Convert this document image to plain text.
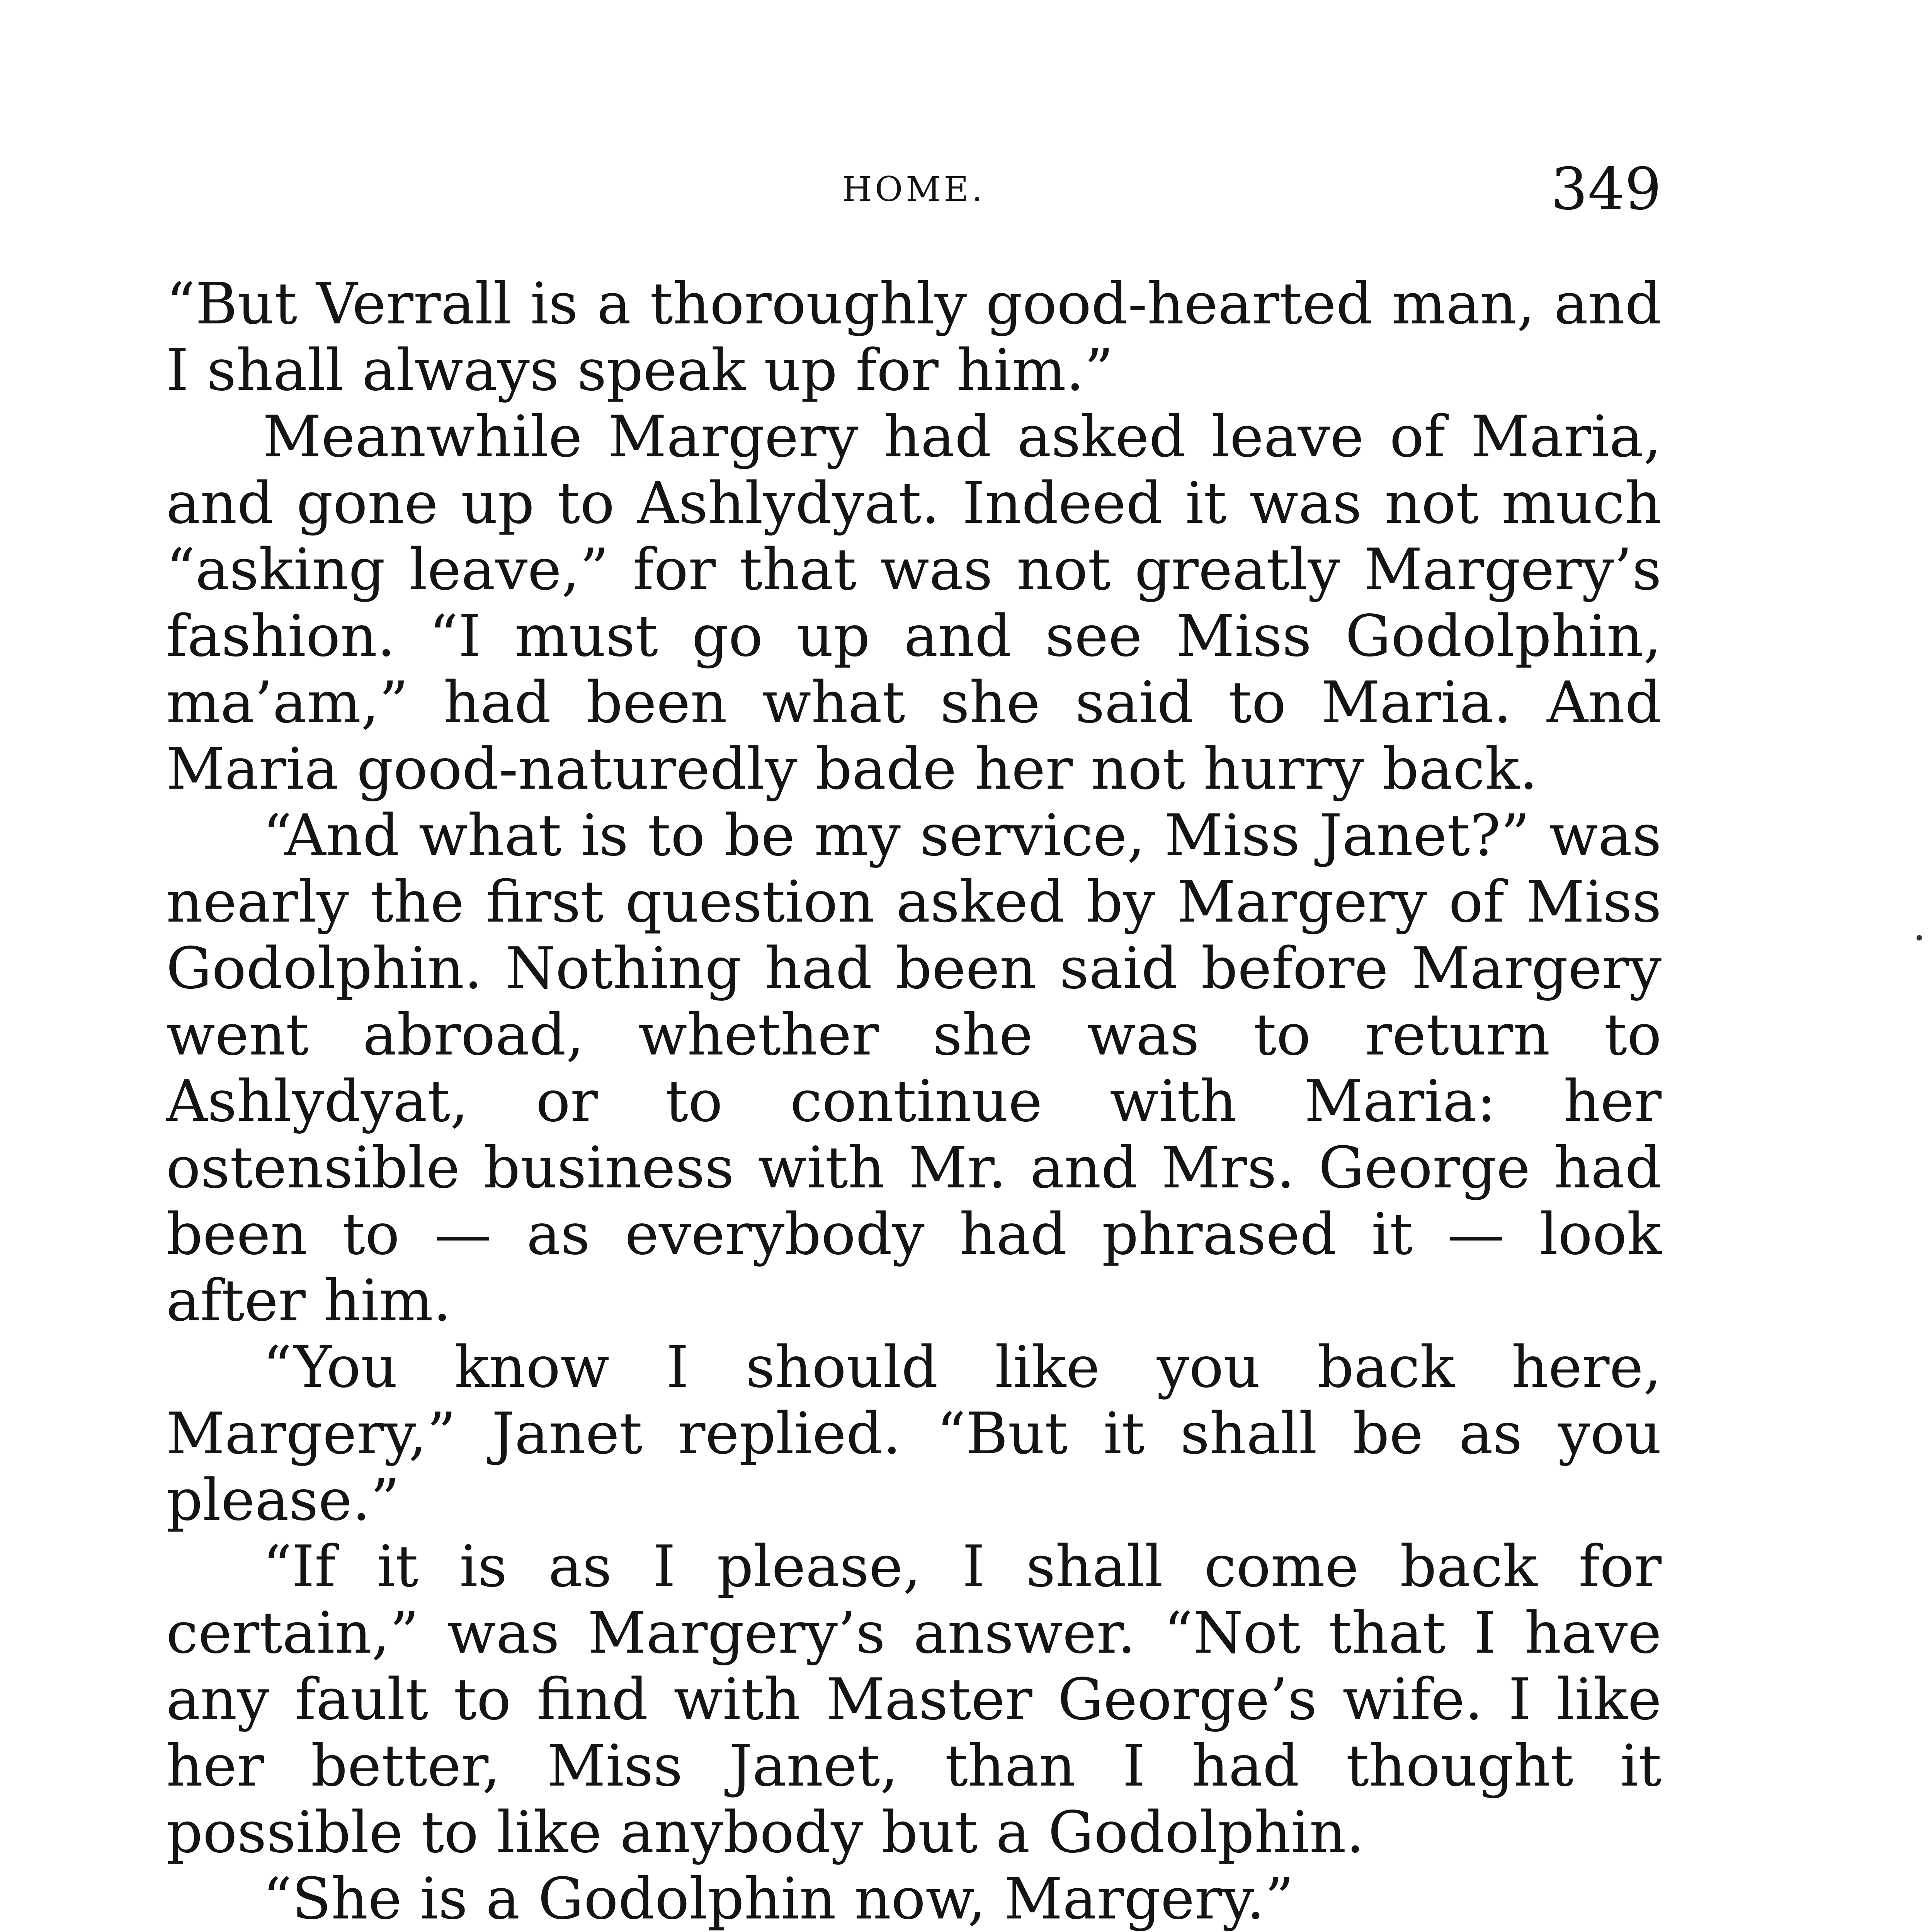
HOME.	349

“But Verrall is a thoroughly good-hearted man, and I shall always speak up for him.”

Meanwhile Margery had asked leave of Maria, and gone up to Ashlydyat. Indeed it was not much “asking leave,” for that was not greatly Margery’s fashion. “I must go up and see Miss Godolphin, ma’am,” had been what she said to Maria. And Maria good-naturedly bade her not hurry back.

“And what is to be my service, Miss Janet?” was nearly the first question asked by Margery of Miss Godolphin. Nothing had been said before Margery went abroad, whether she was to return to Ashlydyat, or to continue with Maria: her ostensible business with Mr. and Mrs. George had been to — as everybody had phrased it — look after him.

“You know I should like you back here, Margery,” Janet replied. “But it shall be as you please.”

“If it is as I please, I shall come back for certain,” was Margery’s answer. “Not that I have any fault to find with Master George’s wife. I like her better, Miss Janet, than I had thought it possible to like anybody but a Godolphin.

“She is a Godolphin now, Margery.”
